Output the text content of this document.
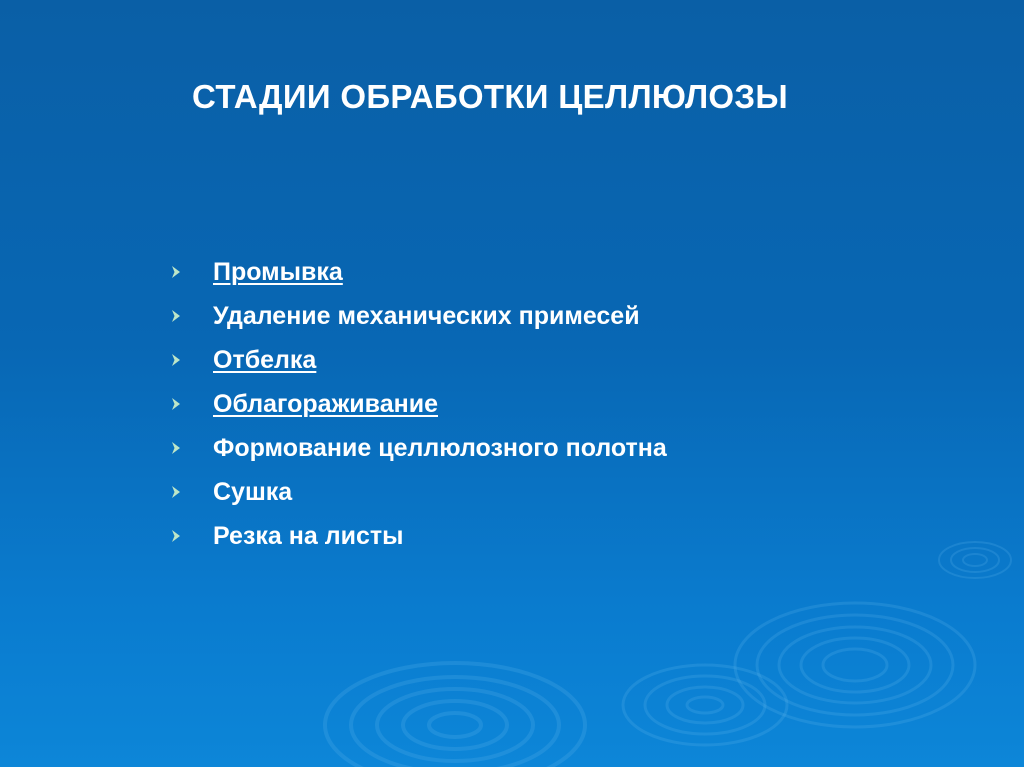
СТАДИИ ОБРАБОТКИ ЦЕЛЛЮЛОЗЫ
Промывка
Удаление механических примесей
Отбелка
Облагораживание
Формование целлюлозного полотна
Сушка
Резка на листы
